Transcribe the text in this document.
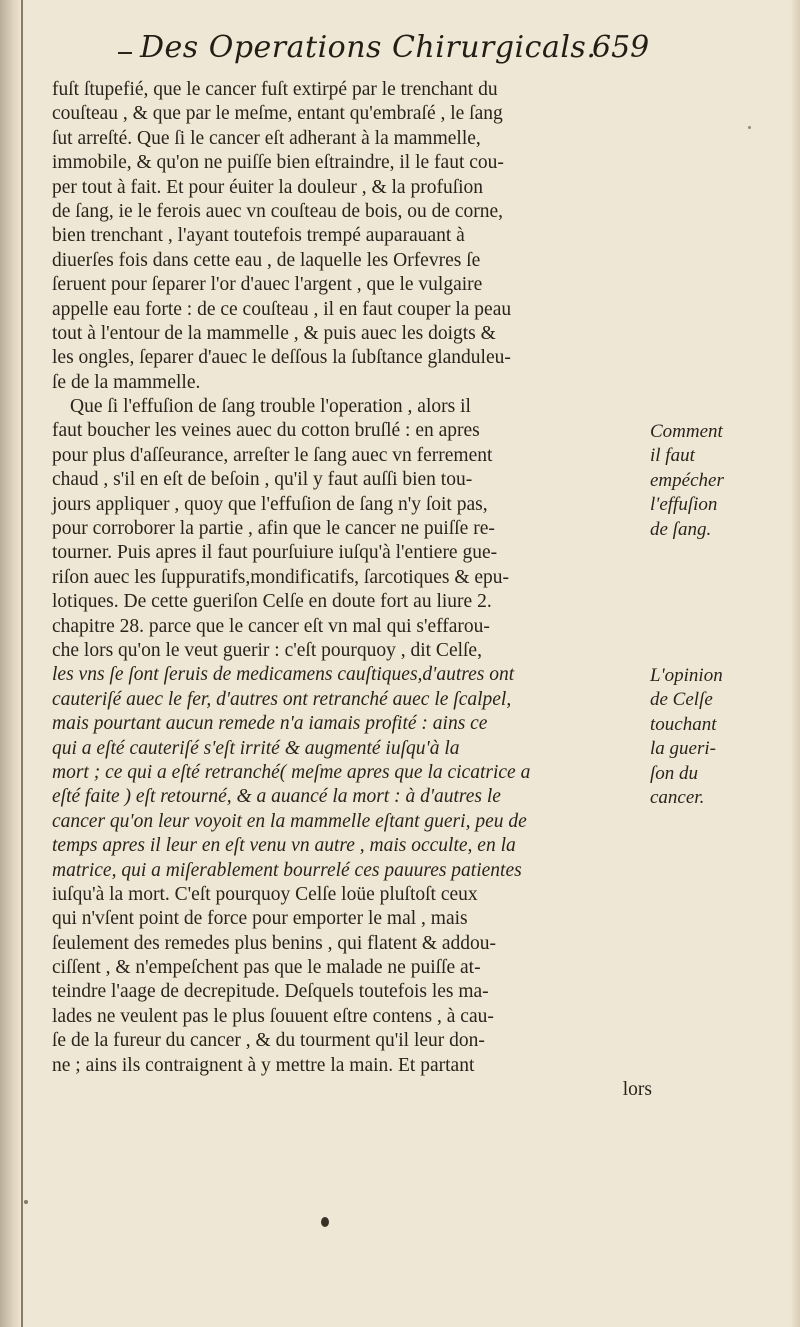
Des Operations Chirurgicals.
659
fuſt ſtupefié, que le cancer fuſt extirpé par le trenchant du
couſteau , & que par le meſme, entant qu'embraſé , le ſang
ſut arreſté. Que ſi le cancer eſt adherant à la mammelle,
immobile, & qu'on ne puiſſe bien eſtraindre, il le faut cou-
per tout à fait. Et pour éuiter la douleur , & la profuſion
de ſang, ie le ferois auec vn couſteau de bois, ou de corne,
bien trenchant , l'ayant toutefois trempé auparauant à
diuerſes fois dans cette eau , de laquelle les Orfevres ſe
ſeruent pour ſeparer l'or d'auec l'argent , que le vulgaire
appelle eau forte : de ce couſteau , il en faut couper la peau
tout à l'entour de la mammelle , & puis auec les doigts &
les ongles, ſeparer d'auec le deſſous la ſubſtance glanduleu-
ſe de la mammelle.
Que ſi l'effuſion de ſang trouble l'operation , alors il
faut boucher les veines auec du cotton bruſlé : en apres
pour plus d'aſſeurance, arreſter le ſang auec vn ferrement
chaud , s'il en eſt de beſoin , qu'il y faut auſſi bien tou-
jours appliquer , quoy que l'effuſion de ſang n'y ſoit pas,
pour corroborer la partie , afin que le cancer ne puiſſe re-
tourner. Puis apres il faut pourſuiure iuſqu'à l'entiere gue-
riſon auec les ſuppuratifs,mondificatifs, ſarcotiques & epu-
lotiques. De cette gueriſon Celſe en doute fort au liure 2.
chapitre 28. parce que le cancer eſt vn mal qui s'effarou-
che lors qu'on le veut guerir : c'eſt pourquoy , dit Celſe,
les vns ſe ſont ſeruis de medicamens cauſtiques,d'autres ont
cauteriſé auec le fer, d'autres ont retranché auec le ſcalpel,
mais pourtant aucun remede n'a iamais profité : ains ce
qui a eſté cauteriſé s'eſt irrité & augmenté iuſqu'à la
mort ; ce qui a eſté retranché( meſme apres que la cicatrice a
eſté faite ) eſt retourné, & a auancé la mort : à d'autres le
cancer qu'on leur voyoit en la mammelle eſtant gueri, peu de
temps apres il leur en eſt venu vn autre , mais occulte, en la
matrice, qui a miſerablement bourrelé ces pauures patientes
iuſqu'à la mort. C'eſt pourquoy Celſe loüe pluſtoſt ceux
qui n'vſent point de force pour emporter le mal , mais
ſeulement des remedes plus benins , qui flatent & addou-
ciſſent , & n'empeſchent pas que le malade ne puiſſe at-
teindre l'aage de decrepitude. Deſquels toutefois les ma-
lades ne veulent pas le plus ſouuent eſtre contens , à cau-
ſe de la fureur du cancer , & du tourment qu'il leur don-
ne ; ains ils contraignent à y mettre la main. Et partant
lors
Comment
il faut
empécher
l'effuſion
de ſang.
L'opinion
de Celſe
touchant
la gueri-
ſon du
cancer.
